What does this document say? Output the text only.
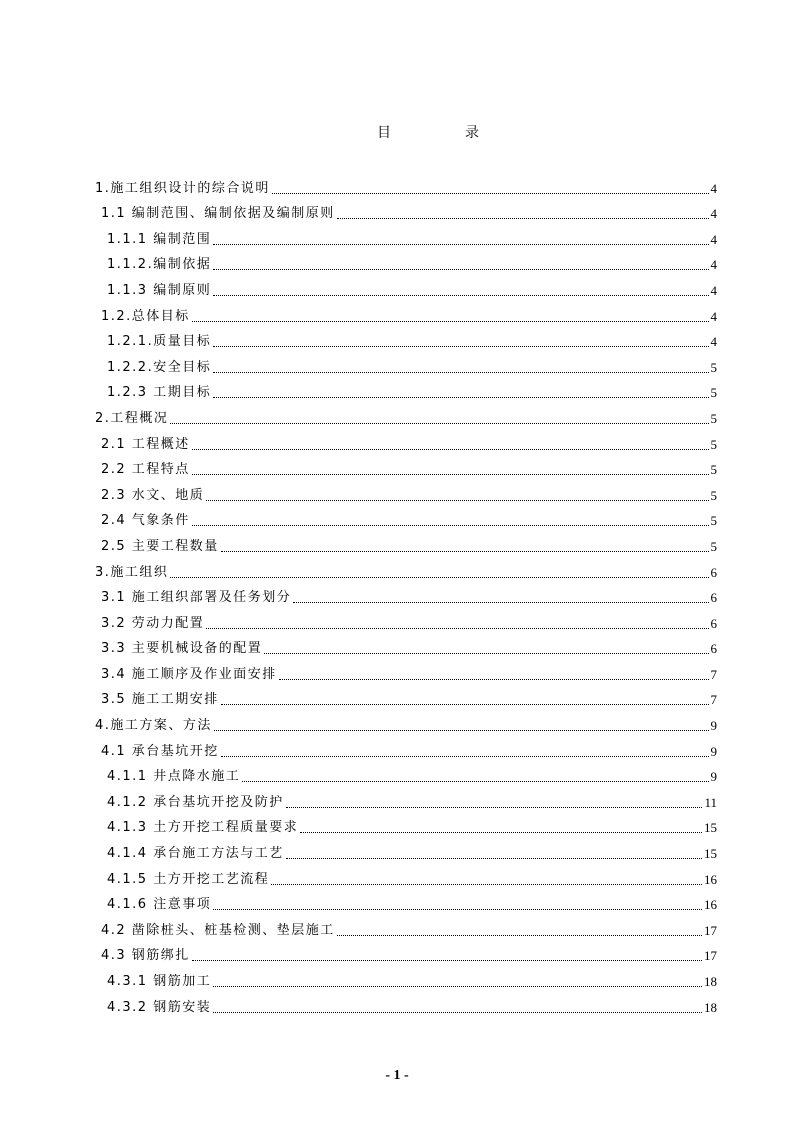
目	录
1.施工组织设计的综合说明	4
1.1 编制范围、编制依据及编制原则	4
1.1.1 编制范围	4
1.1.2.编制依据	4
1.1.3 编制原则	4
1.2.总体目标	4
1.2.1.质量目标	4
1.2.2.安全目标	5
1.2.3 工期目标	5
2.工程概况	5
2.1 工程概述	5
2.2 工程特点	5
2.3 水文、地质	5
2.4 气象条件	5
2.5 主要工程数量	5
3.施工组织	6
3.1 施工组织部署及任务划分	6
3.2 劳动力配置	6
3.3 主要机械设备的配置	6
3.4 施工顺序及作业面安排	7
3.5 施工工期安排	7
4.施工方案、方法	9
4.1 承台基坑开挖	9
4.1.1 井点降水施工	9
4.1.2 承台基坑开挖及防护	11
4.1.3 土方开挖工程质量要求	15
4.1.4 承台施工方法与工艺	15
4.1.5 土方开挖工艺流程	16
4.1.6 注意事项	16
4.2 凿除桩头、桩基检测、垫层施工	17
4.3 钢筋绑扎	17
4.3.1 钢筋加工	18
4.3.2 钢筋安装	18
- 1 -
